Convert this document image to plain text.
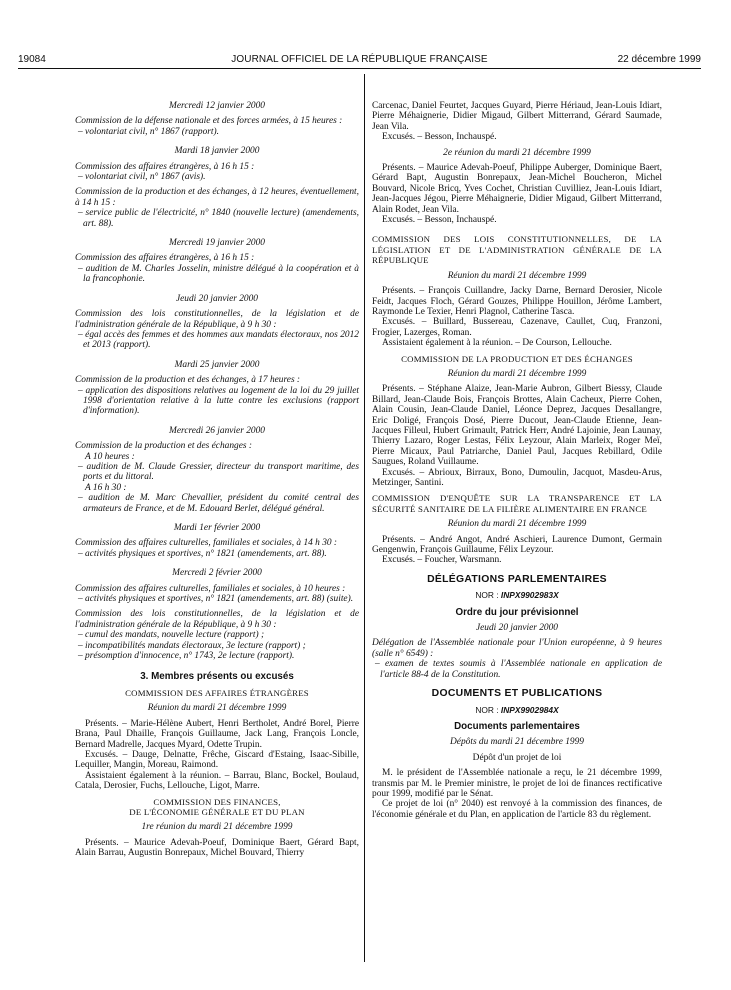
19084	JOURNAL OFFICIEL DE LA RÉPUBLIQUE FRANÇAISE	22 décembre 1999

Mercredi 12 janvier 2000

Commission de la défense nationale et des forces armées, à 15 heures :

– volontariat civil, n° 1867 (rapport).

Mardi 18 janvier 2000

Commission des affaires étrangères, à 16 h 15 :

– volontariat civil, n° 1867 (avis).

Commission de la production et des échanges, à 12 heures, éventuellement, à 14 h 15 :

– service public de l'électricité, n° 1840 (nouvelle lecture) (amendements, art. 88).

Mercredi 19 janvier 2000

Commission des affaires étrangères, à 16 h 15 :

– audition de M. Charles Josselin, ministre délégué à la coopération et à la francophonie.

Jeudi 20 janvier 2000

Commission des lois constitutionnelles, de la législation et de l'administration générale de la République, à 9 h 30 :

– égal accès des femmes et des hommes aux mandats électoraux, nos 2012 et 2013 (rapport).

Mardi 25 janvier 2000

Commission de la production et des échanges, à 17 heures :

– application des dispositions relatives au logement de la loi du 29 juillet 1998 d'orientation relative à la lutte contre les exclusions (rapport d'information).

Mercredi 26 janvier 2000

Commission de la production et des échanges :

A 10 heures :

– audition de M. Claude Gressier, directeur du transport maritime, des ports et du littoral.

A 16 h 30 :

– audition de M. Marc Chevallier, président du comité central des armateurs de France, et de M. Edouard Berlet, délégué général.

Mardi 1er février 2000

Commission des affaires culturelles, familiales et sociales, à 14 h 30 :

– activités physiques et sportives, n° 1821 (amendements, art. 88).

Mercredi 2 février 2000

Commission des affaires culturelles, familiales et sociales, à 10 heures :

– activités physiques et sportives, n° 1821 (amendements, art. 88) (suite).

Commission des lois constitutionnelles, de la législation et de l'administration générale de la République, à 9 h 30 :

– cumul des mandats, nouvelle lecture (rapport) ;

– incompatibilités mandats électoraux, 3e lecture (rapport) ;

– présomption d'innocence, n° 1743, 2e lecture (rapport).

3. Membres présents ou excusés

COMMISSION DES AFFAIRES ÉTRANGÈRES

Réunion du mardi 21 décembre 1999

Présents. – Marie-Hélène Aubert, Henri Bertholet, André Borel, Pierre Brana, Paul Dhaille, François Guillaume, Jack Lang, François Loncle, Bernard Madrelle, Jacques Myard, Odette Trupin.

Excusés. – Dauge, Delnatte, Frêche, Giscard d'Estaing, Isaac-Sibille, Lequiller, Mangin, Moreau, Raimond.

Assistaient également à la réunion. – Barrau, Blanc, Bockel, Boulaud, Catala, Derosier, Fuchs, Lellouche, Ligot, Marre.

COMMISSION DES FINANCES,

DE L'ÉCONOMIE GÉNÉRALE ET DU PLAN

1re réunion du mardi 21 décembre 1999

Présents. – Maurice Adevah-Poeuf, Dominique Baert, Gérard Bapt, Alain Barrau, Augustin Bonrepaux, Michel Bouvard, Thierry

Carcenac, Daniel Feurtet, Jacques Guyard, Pierre Hériaud, Jean-Louis Idiart, Pierre Méhaignerie, Didier Migaud, Gilbert Mitterrand, Gérard Saumade, Jean Vila.

Excusés. – Besson, Inchauspé.

2e réunion du mardi 21 décembre 1999

Présents. – Maurice Adevah-Poeuf, Philippe Auberger, Dominique Baert, Gérard Bapt, Augustin Bonrepaux, Jean-Michel Boucheron, Michel Bouvard, Nicole Bricq, Yves Cochet, Christian Cuvilliez, Jean-Louis Idiart, Jean-Jacques Jégou, Pierre Méhaignerie, Didier Migaud, Gilbert Mitterrand, Alain Rodet, Jean Vila.

Excusés. – Besson, Inchauspé.

COMMISSION DES LOIS CONSTITUTIONNELLES, DE LA LÉGISLATION ET DE L'ADMINISTRATION GÉNÉRALE DE LA RÉPUBLIQUE

Réunion du mardi 21 décembre 1999

Présents. – François Cuillandre, Jacky Darne, Bernard Derosier, Nicole Feidt, Jacques Floch, Gérard Gouzes, Philippe Houillon, Jérôme Lambert, Raymonde Le Texier, Henri Plagnol, Catherine Tasca.

Excusés. – Buillard, Bussereau, Cazenave, Caullet, Cuq, Franzoni, Frogier, Lazerges, Roman.

Assistaient également à la réunion. – De Courson, Lellouche.

COMMISSION DE LA PRODUCTION ET DES ÉCHANGES

Réunion du mardi 21 décembre 1999

Présents. – Stéphane Alaize, Jean-Marie Aubron, Gilbert Biessy, Claude Billard, Jean-Claude Bois, François Brottes, Alain Cacheux, Pierre Cohen, Alain Cousin, Jean-Claude Daniel, Léonce Deprez, Jacques Desallangre, Eric Doligé, François Dosé, Pierre Ducout, Jean-Claude Etienne, Jean-Jacques Filleul, Hubert Grimault, Patrick Herr, André Lajoinie, Jean Launay, Thierry Lazaro, Roger Lestas, Félix Leyzour, Alain Marleix, Roger Meï, Pierre Micaux, Paul Patriarche, Daniel Paul, Jacques Rebillard, Odile Saugues, Roland Vuillaume.

Excusés. – Abrioux, Birraux, Bono, Dumoulin, Jacquot, Masdeu-Arus, Metzinger, Santini.

COMMISSION D'ENQUÊTE SUR LA TRANSPARENCE ET LA SÉCURITÉ SANITAIRE DE LA FILIÈRE ALIMENTAIRE EN FRANCE

Réunion du mardi 21 décembre 1999

Présents. – André Angot, André Aschieri, Laurence Dumont, Germain Gengenwin, François Guillaume, Félix Leyzour.

Excusés. – Foucher, Warsmann.

DÉLÉGATIONS PARLEMENTAIRES

NOR : INPX9902983X

Ordre du jour prévisionnel

Jeudi 20 janvier 2000

Délégation de l'Assemblée nationale pour l'Union européenne, à 9 heures (salle n° 6549) :

– examen de textes soumis à l'Assemblée nationale en application de l'article 88-4 de la Constitution.

DOCUMENTS ET PUBLICATIONS

NOR : INPX9902984X

Documents parlementaires

Dépôts du mardi 21 décembre 1999

Dépôt d'un projet de loi

M. le président de l'Assemblée nationale a reçu, le 21 décembre 1999, transmis par M. le Premier ministre, le projet de loi de finances rectificative pour 1999, modifié par le Sénat.

Ce projet de loi (n° 2040) est renvoyé à la commission des finances, de l'économie générale et du Plan, en application de l'article 83 du règlement.
